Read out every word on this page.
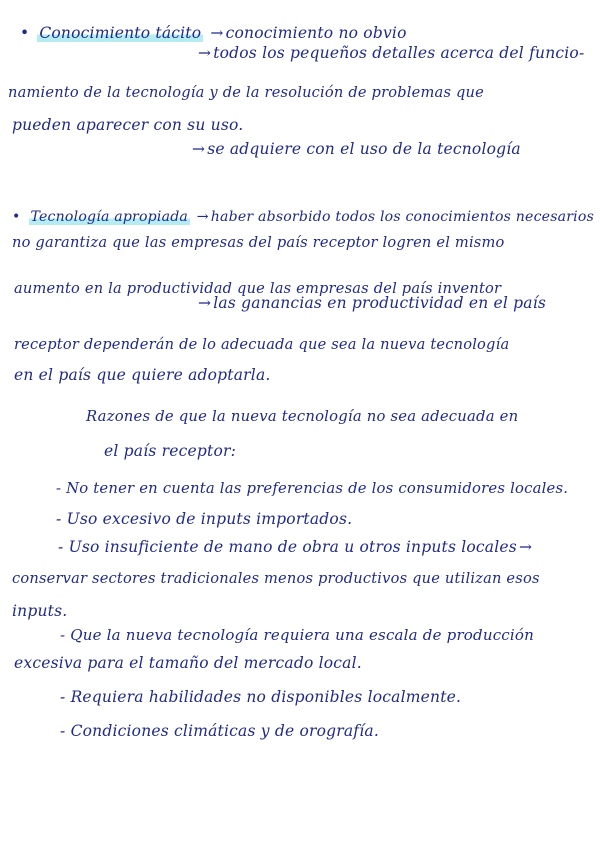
• Conocimiento tácito → conocimiento no obvio
→ todos los pequeños detalles acerca del funcio-
namiento de la tecnología y de la resolución de problemas que
pueden aparecer con su uso.
→ se adquiere con el uso de la tecnología
• Tecnología apropiada → haber absorbido todos los conocimientos necesarios
no garantiza que las empresas del país receptor logren el mismo
aumento en la productividad que las empresas del país inventor
→ las ganancias en productividad en el país
receptor dependerán de lo adecuada que sea la nueva tecnología
en el país que quiere adoptarla.
Razones de que la nueva tecnología no sea adecuada en
el país receptor:
- No tener en cuenta las preferencias de los consumidores locales.
- Uso excesivo de inputs importados.
- Uso insuficiente de mano de obra u otros inputs locales →
conservar sectores tradicionales menos productivos que utilizan esos
inputs.
- Que la nueva tecnología requiera una escala de producción
excesiva para el tamaño del mercado local.
- Requiera habilidades no disponibles localmente.
- Condiciones climáticas y de orografía.
